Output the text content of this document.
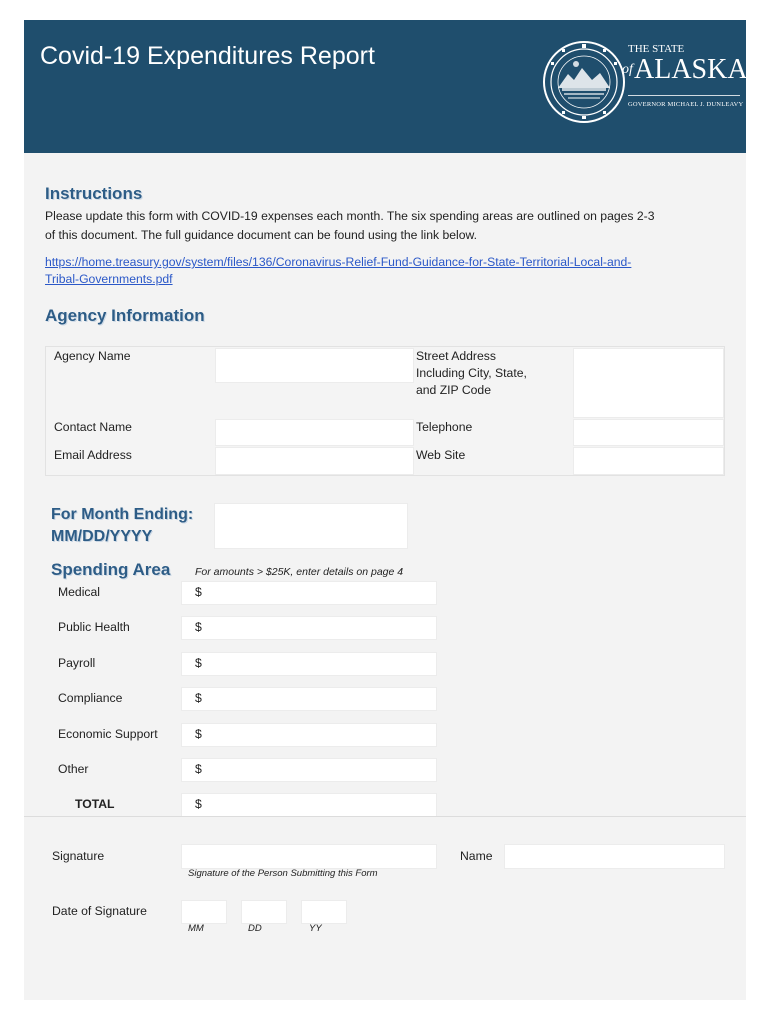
Covid-19 Expenditures Report	THE STATE
of ALASKA
GOVERNOR MICHAEL J. DUNLEAVY
Instructions
Please update this form with COVID-19 expenses each month. The six spending areas are outlined on pages 2-3
of this document. The full guidance document can be found using the link below.
https://home.treasury.gov/system/files/136/Coronavirus-Relief-Fund-Guidance-for-State-Territorial-Local-and-
Tribal-Governments.pdf
Agency Information
Agency Name	Street Address
Including City, State,
and ZIP Code
Contact Name	Telephone
Email Address	Web Site
For Month Ending:
MM/DD/YYYY
Spending Area For amounts > $25K, enter details on page 4
Medical	$
Public Health	$
Payroll	$
Compliance	$
Economic Support	$
Other	$
TOTAL	$
Signature
Signature of the Person Submitting this Form
Name
Date of Signature
MM	DD	YY
